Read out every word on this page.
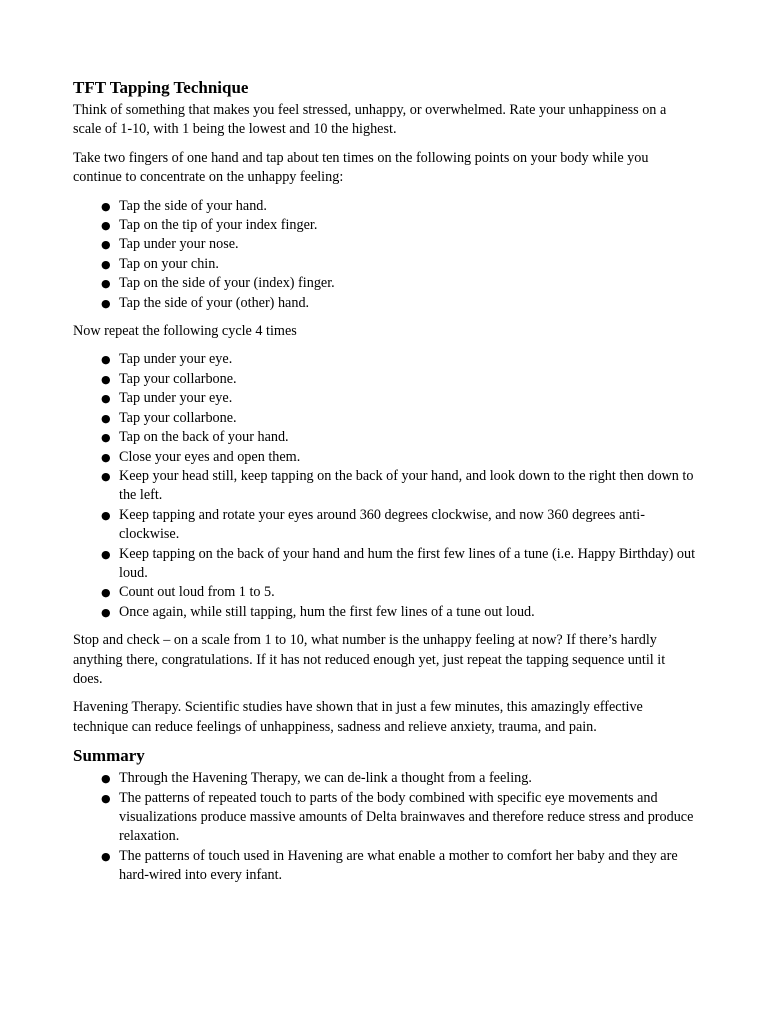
TFT Tapping Technique

Think of something that makes you feel stressed, unhappy, or overwhelmed. Rate your unhappiness on a scale of 1-10, with 1 being the lowest and 10 the highest.

Take two fingers of one hand and tap about ten times on the following points on your body while you continue to concentrate on the unhappy feeling:

● Tap the side of your hand.
● Tap on the tip of your index finger.
● Tap under your nose.
● Tap on your chin.
● Tap on the side of your (index) finger.
● Tap the side of your (other) hand.

Now repeat the following cycle 4 times

● Tap under your eye.
● Tap your collarbone.
● Tap under your eye.
● Tap your collarbone.
● Tap on the back of your hand.
● Close your eyes and open them.
● Keep your head still, keep tapping on the back of your hand, and look down to the right then down to the left.
● Keep tapping and rotate your eyes around 360 degrees clockwise, and now 360 degrees anti-clockwise.
● Keep tapping on the back of your hand and hum the first few lines of a tune (i.e. Happy Birthday) out loud.
● Count out loud from 1 to 5.
● Once again, while still tapping, hum the first few lines of a tune out loud.

Stop and check – on a scale from 1 to 10, what number is the unhappy feeling at now? If there’s hardly anything there, congratulations. If it has not reduced enough yet, just repeat the tapping sequence until it does.

Havening Therapy. Scientific studies have shown that in just a few minutes, this amazingly effective technique can reduce feelings of unhappiness, sadness and relieve anxiety, trauma, and pain.

Summary
● Through the Havening Therapy, we can de-link a thought from a feeling.
● The patterns of repeated touch to parts of the body combined with specific eye movements and visualizations produce massive amounts of Delta brainwaves and therefore reduce stress and produce relaxation.
● The patterns of touch used in Havening are what enable a mother to comfort her baby and they are hard-wired into every infant.
